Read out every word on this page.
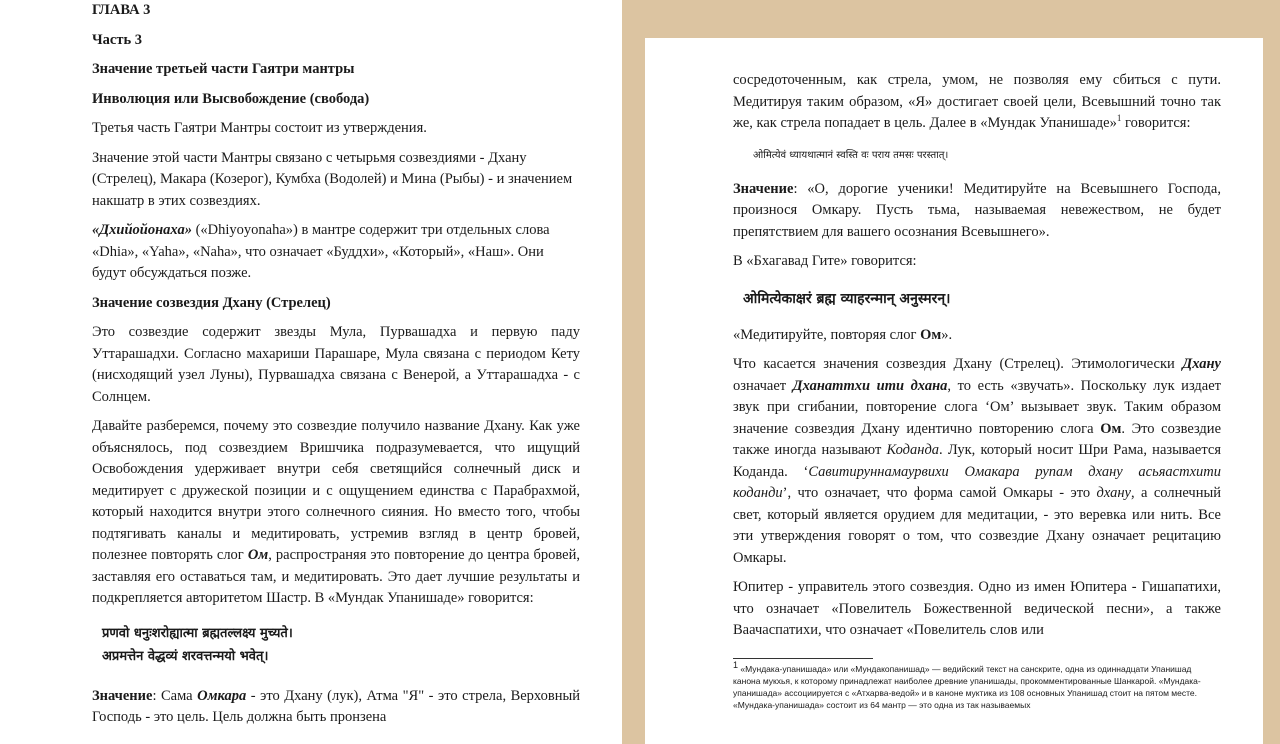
ГЛАВА 3

Часть 3

Значение третьей части Гаятри мантры

Инволюция или Высвобождение (свобода)

Третья часть Гаятри Мантры состоит из утверждения.

Значение этой части Мантры связано с четырьмя созвездиями - Дхану (Стрелец), Макара (Козерог), Кумбха (Водолей) и Мина (Рыбы) - и значением накшатр в этих созвездиях.

«Дхийойонаха» («Dhiyoyonaha») в мантре содержит три отдельных слова «Dhia», «Yaha», «Naha», что означает «Буддхи», «Который», «Наш». Они будут обсуждаться позже.

Значение созвездия Дхану (Стрелец)

Это созвездие содержит звезды Мула, Пурвашадха и первую паду Уттарашадхи. Согласно махариши Парашаре, Мула связана с периодом Кету (нисходящий узел Луны), Пурвашадха связана с Венерой, а Уттарашадха - с Солнцем.

Давайте разберемся, почему это созвездие получило название Дхану. Как уже объяснялось, под созвездием Вришчика подразумевается, что ищущий Освобождения удерживает внутри себя светящийся солнечный диск и медитирует с дружеской позиции и с ощущением единства с Парабрахмой, который находится внутри этого солнечного сияния. Но вместо того, чтобы подтягивать каналы и медитировать, устремив взгляд в центр бровей, полезнее повторять слог Ом, распространяя это повторение до центра бровей, заставляя его оставаться там, и медитировать. Это дает лучшие результаты и подкрепляется авторитетом Шастр. В «Мундак Упанишаде» говорится:

प्रणवो धनुःशरोह्यात्मा ब्रह्मतल्लक्ष्य मुच्यते।

अप्रमत्तेन वेद्धव्यं शरवत्तन्मयो भवेत्।

Значение: Сама Омкара - это Дхану (лук), Атма "Я" - это стрела, Верховный Господь - это цель. Цель должна быть пронзена

сосредоточенным, как стрела, умом, не позволяя ему сбиться с пути. Медитируя таким образом, «Я» достигает своей цели, Всевышний точно так же, как стрела попадает в цель. Далее в «Мундак Упанишаде»$^1$ говорится:

ओमित्येवं ध्यायथात्मानं स्वस्ति वः पराय तमसः परस्तात्।

Значение: «О, дорогие ученики! Медитируйте на Всевышнего Господа, произнося Омкару. Пусть тьма, называемая невежеством, не будет препятствием для вашего осознания Всевышнего».

В «Бхагавад Гите» говорится:

ओमित्येकाक्षरं ब्रह्म व्याहरन्मान् अनुस्मरन्।

«Медитируйте, повторяя слог Ом».

Что касается значения созвездия Дхану (Стрелец). Этимологически Дхану означает Дханаттхи ити дхана, то есть «звучать». Поскольку лук издает звук при сгибании, повторение слога ‘Ом’ вызывает звук. Таким образом значение созвездия Дхану идентично повторению слога Ом. Это созвездие также иногда называют Коданда. Лук, который носит Шри Рама, называется Коданда. ‘Савитируннамаурвихи Омакара рупам дхану асьяастхити коданди’, что означает, что форма самой Омкары - это дхану, а солнечный свет, который является орудием для медитации, - это веревка или нить. Все эти утверждения говорят о том, что созвездие Дхану означает рецитацию Омкары.

Юпитер - управитель этого созвездия. Одно из имен Юпитера - Гишапатихи, что означает «Повелитель Божественной ведической песни», а также Ваачаспатихи, что означает «Повелитель слов или

1 «Мундака-упанишада» или «Мундакопанишад» — ведийский текст на санскрите, одна из одиннадцати Упанишад канона мукхья, к которому принадлежат наиболее древние упанишады, прокомментированные Шанкарой. «Мундака-упанишада» ассоциируется с «Атхарва-ведой» и в каноне муктика из 108 основных Упанишад стоит на пятом месте. «Мундака-упанишада» состоит из 64 мантр — это одна из так называемых
